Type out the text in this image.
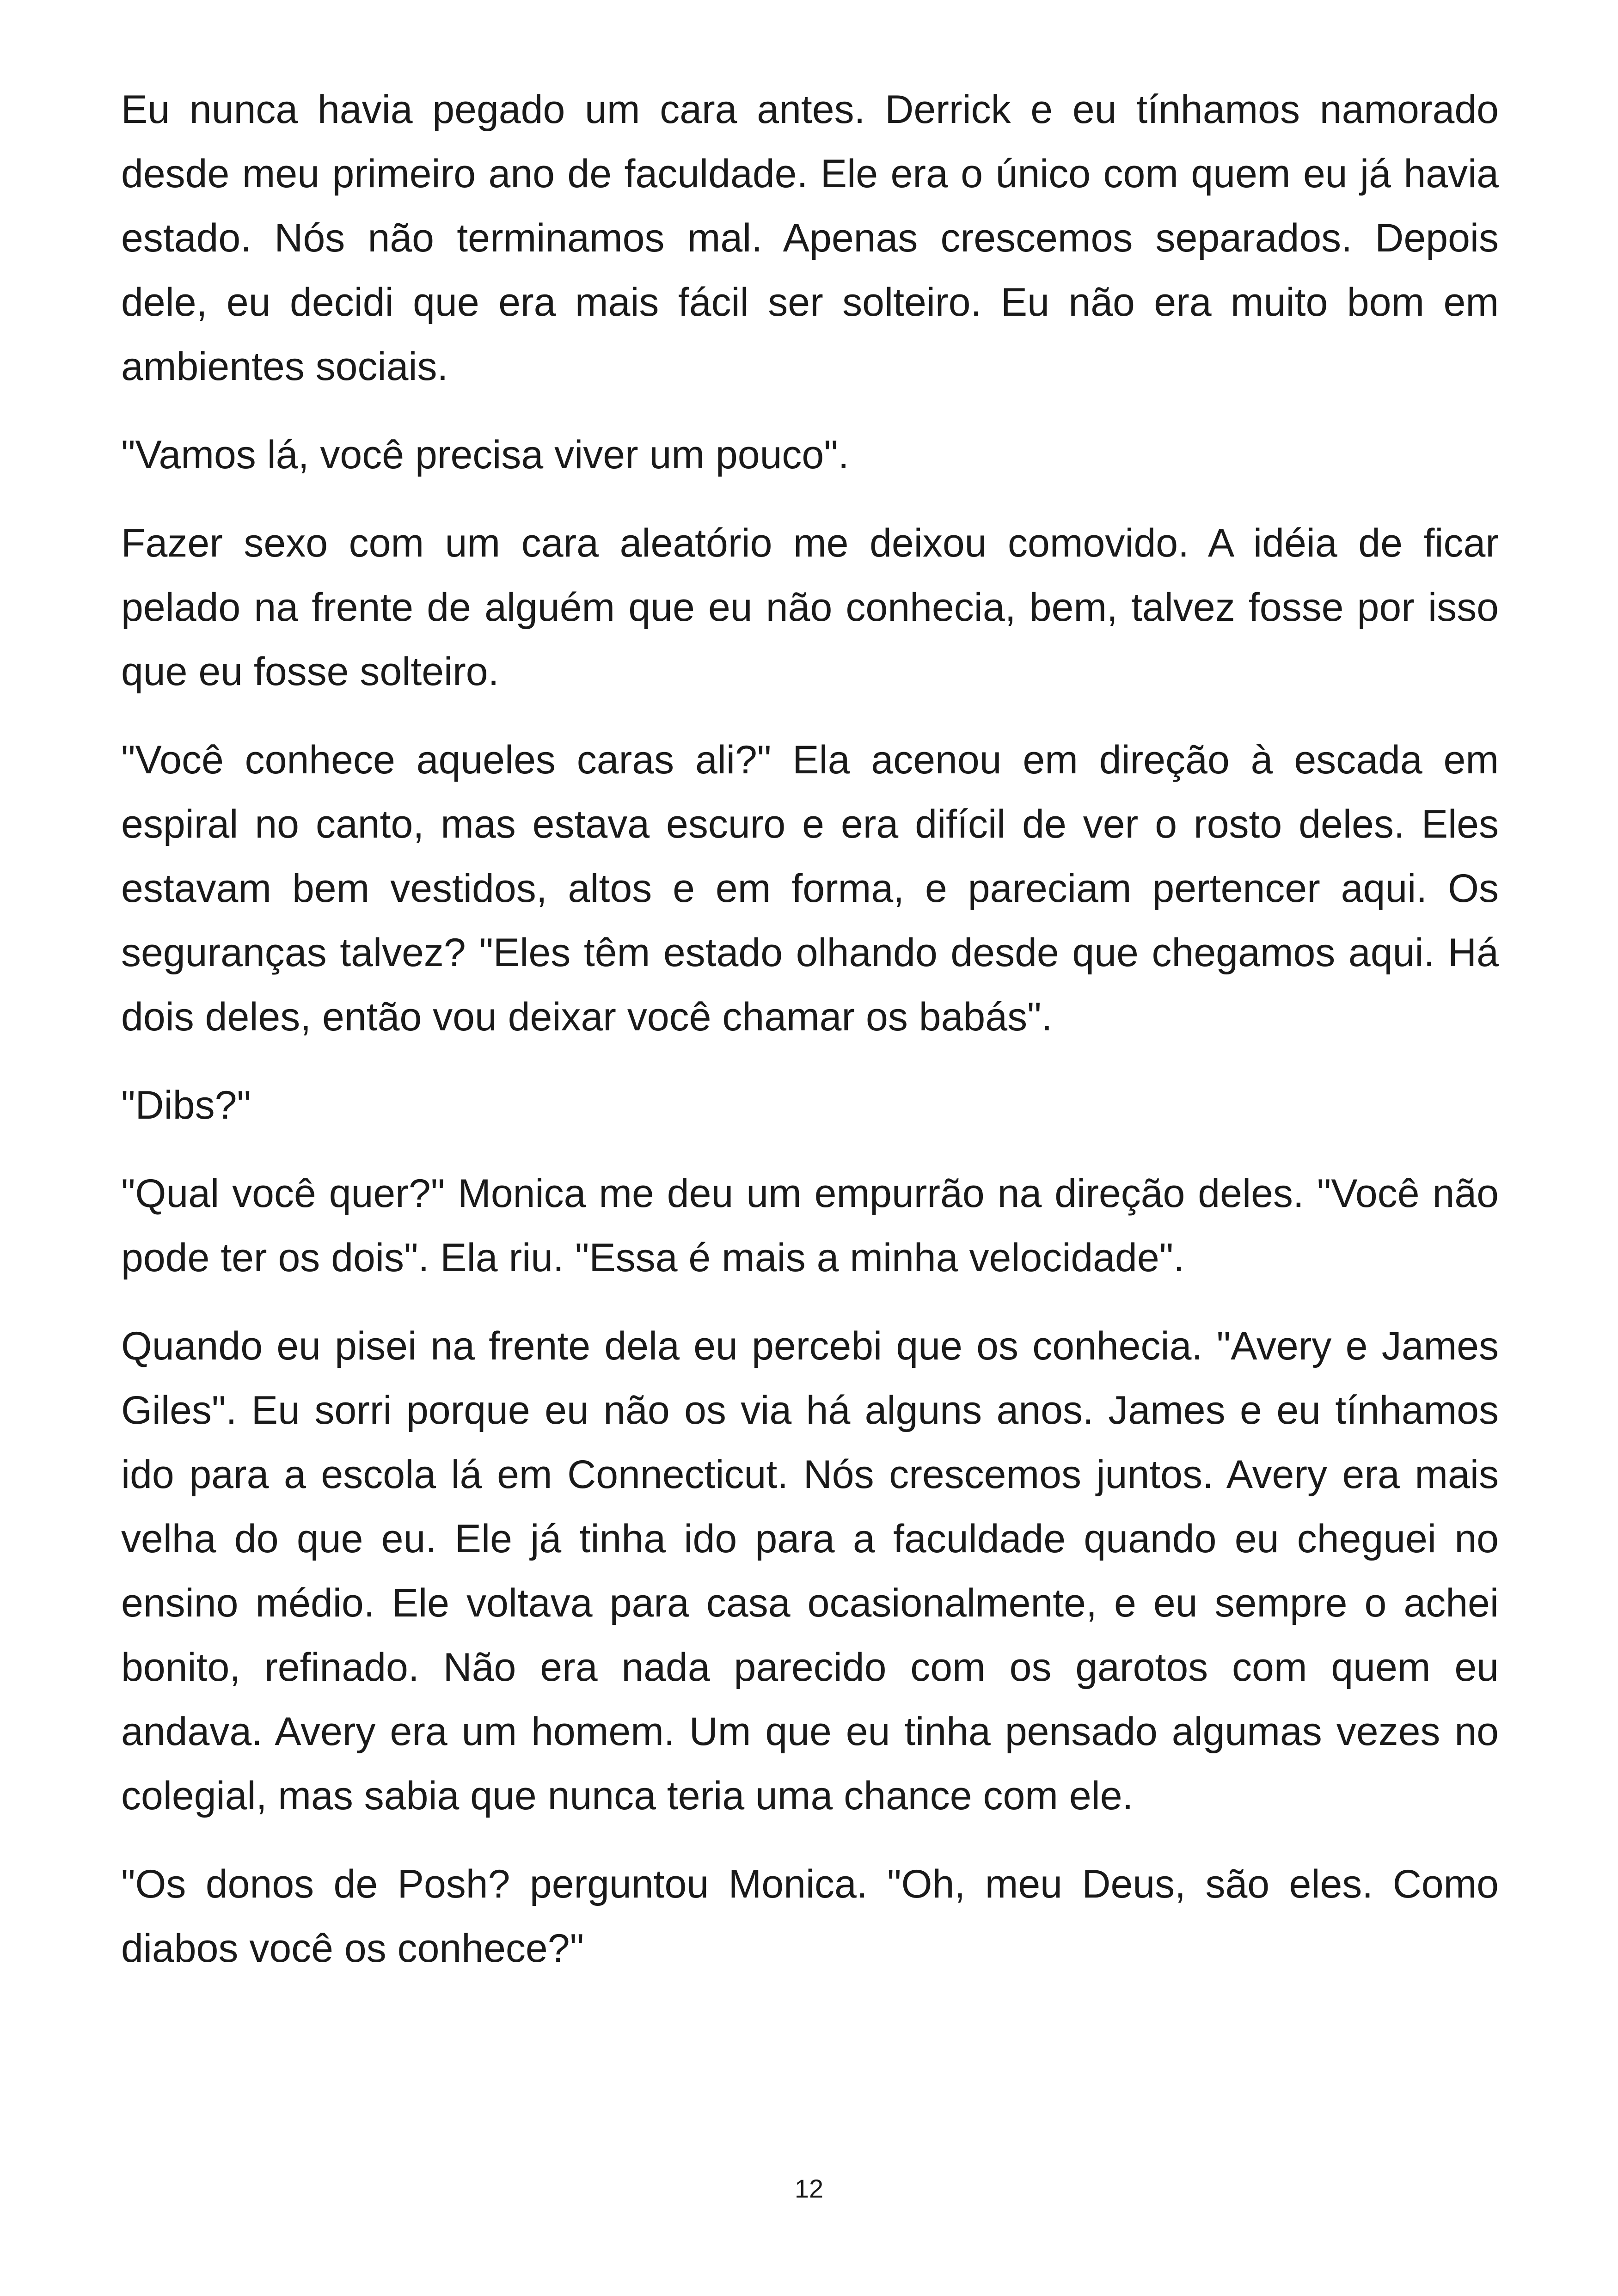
Eu nunca havia pegado um cara antes. Derrick e eu tínhamos namorado desde meu primeiro ano de faculdade. Ele era o único com quem eu já havia estado. Nós não terminamos mal. Apenas crescemos separados. Depois dele, eu decidi que era mais fácil ser solteiro. Eu não era muito bom em ambientes sociais.

"Vamos lá, você precisa viver um pouco".

Fazer sexo com um cara aleatório me deixou comovido. A idéia de ficar pelado na frente de alguém que eu não conhecia, bem, talvez fosse por isso que eu fosse solteiro.

"Você conhece aqueles caras ali?" Ela acenou em direção à escada em espiral no canto, mas estava escuro e era difícil de ver o rosto deles. Eles estavam bem vestidos, altos e em forma, e pareciam pertencer aqui. Os seguranças talvez? "Eles têm estado olhando desde que chegamos aqui. Há dois deles, então vou deixar você chamar os babás".

"Dibs?"

"Qual você quer?" Monica me deu um empurrão na direção deles. "Você não pode ter os dois". Ela riu. "Essa é mais a minha velocidade".

Quando eu pisei na frente dela eu percebi que os conhecia. "Avery e James Giles". Eu sorri porque eu não os via há alguns anos. James e eu tínhamos ido para a escola lá em Connecticut. Nós crescemos juntos. Avery era mais velha do que eu. Ele já tinha ido para a faculdade quando eu cheguei no ensino médio. Ele voltava para casa ocasionalmente, e eu sempre o achei bonito, refinado. Não era nada parecido com os garotos com quem eu andava. Avery era um homem. Um que eu tinha pensado algumas vezes no colegial, mas sabia que nunca teria uma chance com ele.

"Os donos de Posh? perguntou Monica. "Oh, meu Deus, são eles. Como diabos você os conhece?"

12
